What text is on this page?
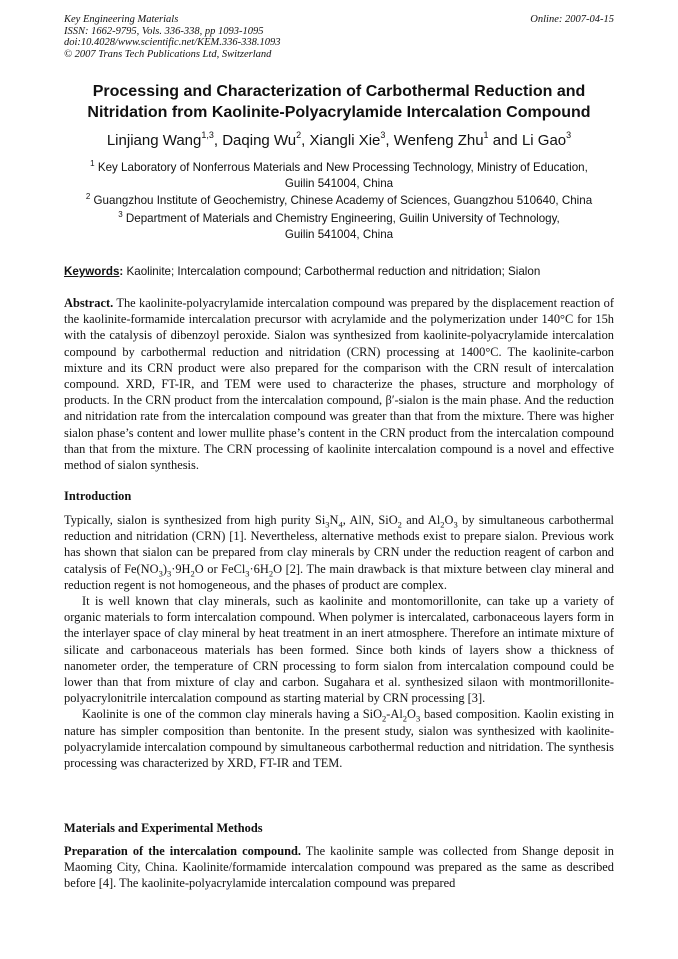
Key Engineering Materials
ISSN: 1662-9795, Vols. 336-338, pp 1093-1095
doi:10.4028/www.scientific.net/KEM.336-338.1093
© 2007 Trans Tech Publications Ltd, Switzerland
Online: 2007-04-15
Processing and Characterization of Carbothermal Reduction and
Nitridation from Kaolinite-Polyacrylamide Intercalation Compound
Linjiang Wang$^{1,3}$, Daqing Wu$^2$, Xiangli Xie$^3$, Wenfeng Zhu$^1$ and Li Gao$^3$
$^1$ Key Laboratory of Nonferrous Materials and New Processing Technology, Ministry of Education,
Guilin 541004, China
$^2$ Guangzhou Institute of Geochemistry, Chinese Academy of Sciences, Guangzhou 510640, China
$^3$ Department of Materials and Chemistry Engineering, Guilin University of Technology,
Guilin 541004, China
Keywords: Kaolinite; Intercalation compound; Carbothermal reduction and nitridation; Sialon

Abstract. The kaolinite-polyacrylamide intercalation compound was prepared by the displacement reaction of the kaolinite-formamide intercalation precursor with acrylamide and the polymerization under 140°C for 15h with the catalysis of dibenzoyl peroxide. Sialon was synthesized from kaolinite-polyacrylamide intercalation compound by carbothermal reduction and nitridation (CRN) processing at 1400°C. The kaolinite-carbon mixture and its CRN product were also prepared for the comparison with the CRN result of intercalation compound. XRD, FT-IR, and TEM were used to characterize the phases, structure and morphology of products. In the CRN product from the intercalation compound, β′-sialon is the main phase. And the reduction and nitridation rate from the intercalation compound was greater than that from the mixture. There was higher sialon phase’s content and lower mullite phase’s content in the CRN product from the intercalation compound than that from the mixture. The CRN processing of kaolinite intercalation compound is a novel and effective method of sialon synthesis.

Introduction

Typically, sialon is synthesized from high purity $Si_3N_4$, AlN, SiO$_2$ and $Al_2O_3$ by simultaneous carbothermal reduction and nitridation (CRN) [1]. Nevertheless, alternative methods exist to prepare sialon. Previous work has shown that sialon can be prepared from clay minerals by CRN under the reduction reagent of carbon and catalysis of $Fe(NO_3)_3\cdot 9H_2O$ or $FeCl_3\cdot 6H_2O$ [2]. The main drawback is that mixture between clay mineral and reduction regent is not homogeneous, and the phases of product are complex.

It is well known that clay minerals, such as kaolinite and montomorillonite, can take up a variety of organic materials to form intercalation compound. When polymer is intercalated, carbonaceous layers form in the interlayer space of clay mineral by heat treatment in an inert atmosphere. Therefore an intimate mixture of silicate and carbonaceous materials has been formed. Since both kinds of layers show a thickness of nanometer order, the temperature of CRN processing to form sialon from intercalation compound could be lower than that from mixture of clay and carbon. Sugahara et al. synthesized silaon with montmorillonite-polyacrylonitrile intercalation compound as starting material by CRN processing [3].

Kaolinite is one of the common clay minerals having a $SiO_2-Al_2O_3$ based composition. Kaolin existing in nature has simpler composition than bentonite. In the present study, sialon was synthesized with kaolinite-polyacrylamide intercalation compound by simultaneous carbothermal reduction and nitridation. The synthesis processing was characterized by XRD, FT-IR and TEM.

Materials and Experimental Methods

Preparation of the intercalation compound. The kaolinite sample was collected from Shange deposit in Maoming City, China. Kaolinite/formamide intercalation compound was prepared as the same as described before [4]. The kaolinite-polyacrylamide intercalation compound was prepared
